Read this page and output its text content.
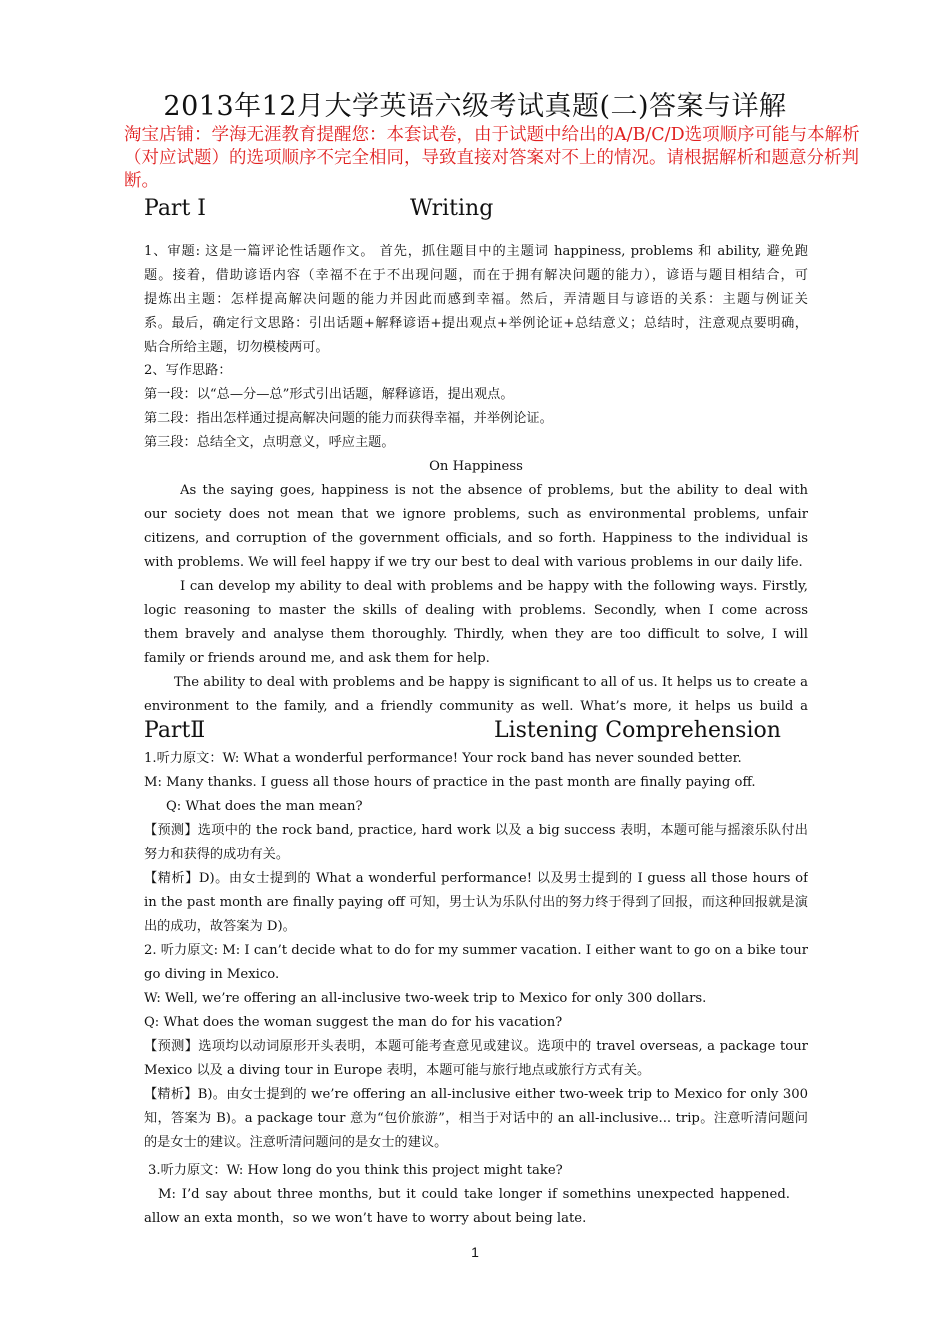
2013年12月大学英语六级考试真题(二)答案与详解
淘宝店铺：学海无涯教育提醒您：本套试卷，由于试题中给出的A/B/C/D选项顺序可能与本解析（对应试题）的选项顺序不完全相同，导致直接对答案对不上的情况。请根据解析和题意分析判断。
Part Ⅰ	Writing
1、审题: 这是一篇评论性话题作文。 首先，抓住题目中的主题词 happiness, problems 和 ability, 避免跑
题。接着，借助谚语内容（幸福不在于不出现问题，而在于拥有解决问题的能力），谚语与题目相结合，可
提炼出主题：怎样提高解决问题的能力并因此而感到幸福。然后，弄清题目与谚语的关系：主题与例证关
系。最后，确定行文思路：引出话题+解释谚语+提出观点+举例论证+总结意义；总结时，注意观点要明确，
贴合所给主题，切勿模棱两可。
2、写作思路：
第一段：以“总—分—总”形式引出话题，解释谚语，提出观点。
第二段：指出怎样通过提高解决问题的能力而获得幸福，并举例论证。
第三段：总结全文，点明意义，呼应主题。
On Happiness
As the saying goes, happiness is not the absence of problems, but the ability to deal with
our society does not mean that we ignore problems, such as environmental problems, unfair
citizens, and corruption of the government officials, and so forth. Happiness to the individual is
with problems. We will feel happy if we try our best to deal with various problems in our daily life.
I can develop my ability to deal with problems and be happy with the following ways. Firstly,
logic reasoning to master the skills of dealing with problems. Secondly, when I come across
them bravely and analyse them thoroughly. Thirdly, when they are too difficult to solve, I will
family or friends around me, and ask them for help.
The ability to deal with problems and be happy is significant to all of us. It helps us to create a
environment to the family, and a friendly community as well. What’s more, it helps us build a
PartⅡ	Listening Comprehension
1.听力原文：W: What a wonderful performance! Your rock band has never sounded better.
M: Many thanks. I guess all those hours of practice in the past month are finally paying off.
Q: What does the man mean?
【预测】选项中的 the rock band, practice, hard work 以及 a big success 表明，本题可能与摇滚乐队付出
努力和获得的成功有关。
【精析】D)。由女士提到的 What a wonderful performance! 以及男士提到的 I guess all those hours of
in the past month are finally paying off 可知，男士认为乐队付出的努力终于得到了回报，而这种回报就是演
出的成功，故答案为 D)。
2. 听力原文: M: I can’t decide what to do for my summer vacation. I either want to go on a bike tour
go diving in Mexico.
W: Well, we’re offering an all-inclusive two-week trip to Mexico for only 300 dollars.
Q: What does the woman suggest the man do for his vacation?
【预测】选项均以动词原形开头表明，本题可能考查意见或建议。选项中的 travel overseas, a package tour
Mexico 以及 a diving tour in Europe 表明，本题可能与旅行地点或旅行方式有关。
【精析】B)。由女士提到的 we’re offering an all-inclusive either two-week trip to Mexico for only 300
知，答案为 B)。a package tour 意为“包价旅游”，相当于对话中的 an all-inclusive... trip。注意听清问题问
的是女士的建议。注意听清问题问的是女士的建议。
3.听力原文：W: How long do you think this project might take?
M: I’d say about three months, but it could take longer if somethins unexpected happened.
allow an exta month，so we won’t have to worry about being late.
1
